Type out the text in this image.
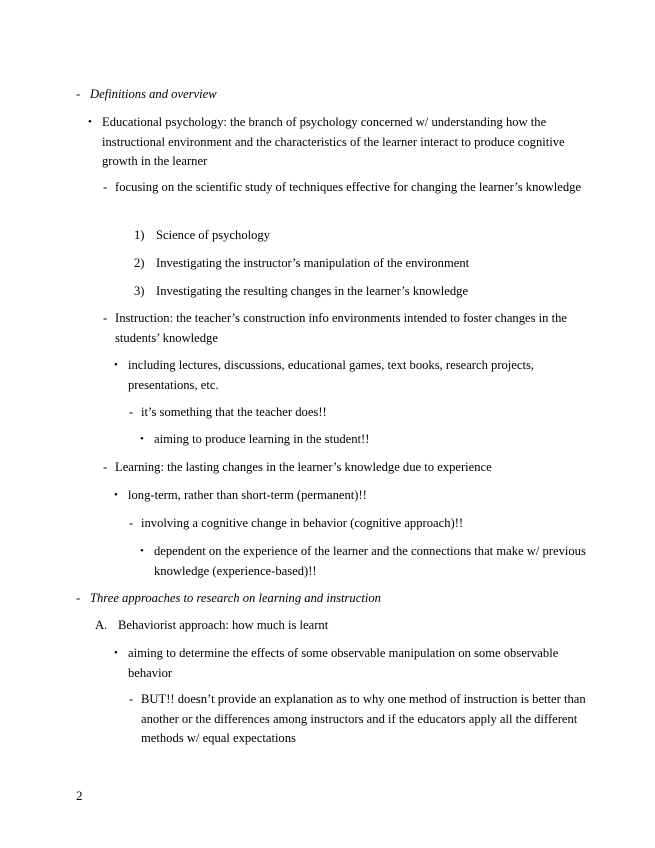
- Definitions and overview
• Educational psychology: the branch of psychology concerned w/ understanding how the instructional environment and the characteristics of the learner interact to produce cognitive growth in the learner
- focusing on the scientific study of techniques effective for changing the learner’s knowledge
1) Science of psychology
2) Investigating the instructor’s manipulation of the environment
3) Investigating the resulting changes in the learner’s knowledge
- Instruction: the teacher’s construction info environments intended to foster changes in the students’ knowledge
• including lectures, discussions, educational games, text books, research projects, presentations, etc.
- it’s something that the teacher does!!
• aiming to produce learning in the student!!
- Learning: the lasting changes in the learner’s knowledge due to experience
• long-term, rather than short-term (permanent)!!
- involving a cognitive change in behavior (cognitive approach)!!
• dependent on the experience of the learner and the connections that make w/ previous knowledge (experience-based)!!
- Three approaches to research on learning and instruction
A. Behaviorist approach: how much is learnt
• aiming to determine the effects of some observable manipulation on some observable behavior
- BUT!! doesn’t provide an explanation as to why one method of instruction is better than another or the differences among instructors and if the educators apply all the different methods w/ equal expectations
2
